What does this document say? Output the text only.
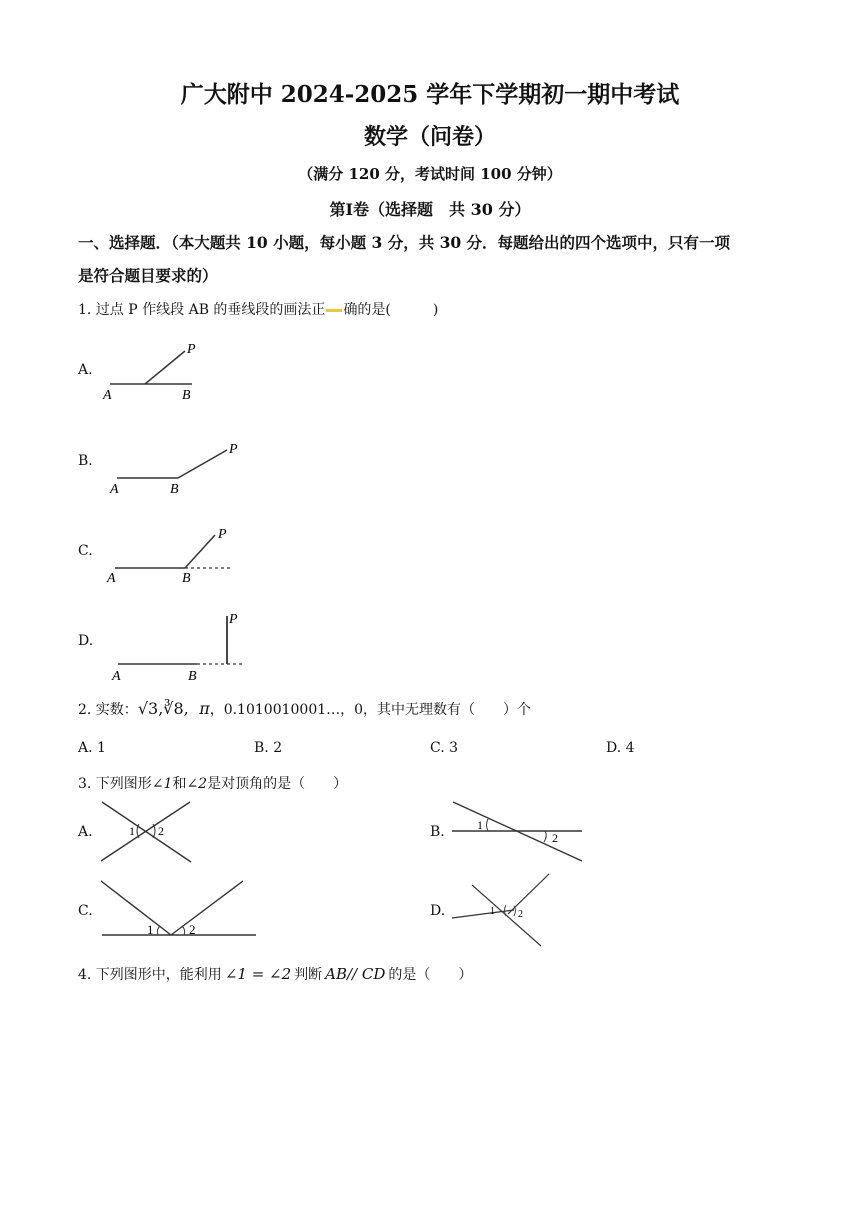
广大附中 2024-2025 学年下学期初一期中考试
数学（问卷）
（满分 120 分，考试时间 100 分钟）
第Ⅰ卷（选择题　共 30 分）
一、选择题．（本大题共 10 小题，每小题 3 分，共 30 分．每题给出的四个选项中，只有一项
是符合题目要求的）
1. 过点 P 作线段 AB 的垂线段的画法正 确的是(　　　)
A.
A	B
P
B.
A	B
P
C.
A	B
P
D.
A	B
P
2. 实数：√3,∛8, π，0.1010010001…，0，其中无理数有（　　）个
A. 1	B. 2	C. 3	D. 4
3. 下列图形∠1和∠2是对顶角的是（　　）
A.	1 2	B.	1
2
C.
1	2
D.	1 2
4. 下列图形中，能利用 ∠1 = ∠2 判断 AB// CD 的是（　　）
